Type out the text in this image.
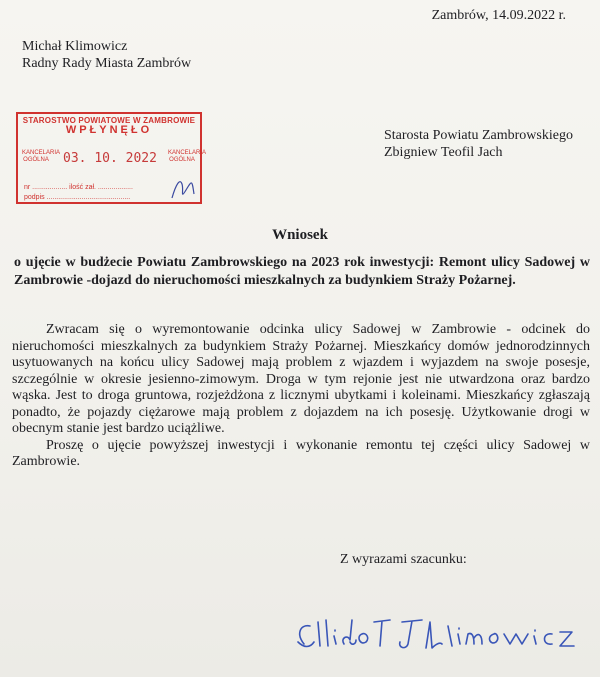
Zambrów, 14.09.2022 r.
Michał Klimowicz
Radny Rady Miasta Zambrów
STAROSTWO POWIATOWE W ZAMBROWIE
WPŁYNĘŁO
KANCELARIA OGÓLNA 03. 10. 2022 KANCELARIA OGÓLNA
nr .................. ilość zał. ..................
podpis ...........................................
Starosta Powiatu Zambrowskiego
Zbigniew Teofil Jach
Wniosek
o ujęcie w budżecie Powiatu Zambrowskiego na 2023 rok inwestycji: Remont ulicy Sadowej w Zambrowie -dojazd do nieruchomości mieszkalnych za budynkiem Straży Pożarnej.

Zwracam się o wyremontowanie odcinka ulicy Sadowej w Zambrowie - odcinek do nieruchomości mieszkalnych za budynkiem Straży Pożarnej. Mieszkańcy domów jednorodzinnych usytuowanych na końcu ulicy Sadowej mają problem z wjazdem i wyjazdem na swoje posesje, szczególnie w okresie jesienno-zimowym. Droga w tym rejonie jest nie utwardzona oraz bardzo wąska. Jest to droga gruntowa, rozjeżdżona z licznymi ubytkami i koleinami. Mieszkańcy zgłaszają ponadto, że pojazdy ciężarowe mają problem z dojazdem na ich posesję. Użytkowanie drogi w obecnym stanie jest bardzo uciążliwe.

Proszę o ujęcie powyższej inwestycji i wykonanie remontu tej części ulicy Sadowej w Zambrowie.

Z wyrazami szacunku:
